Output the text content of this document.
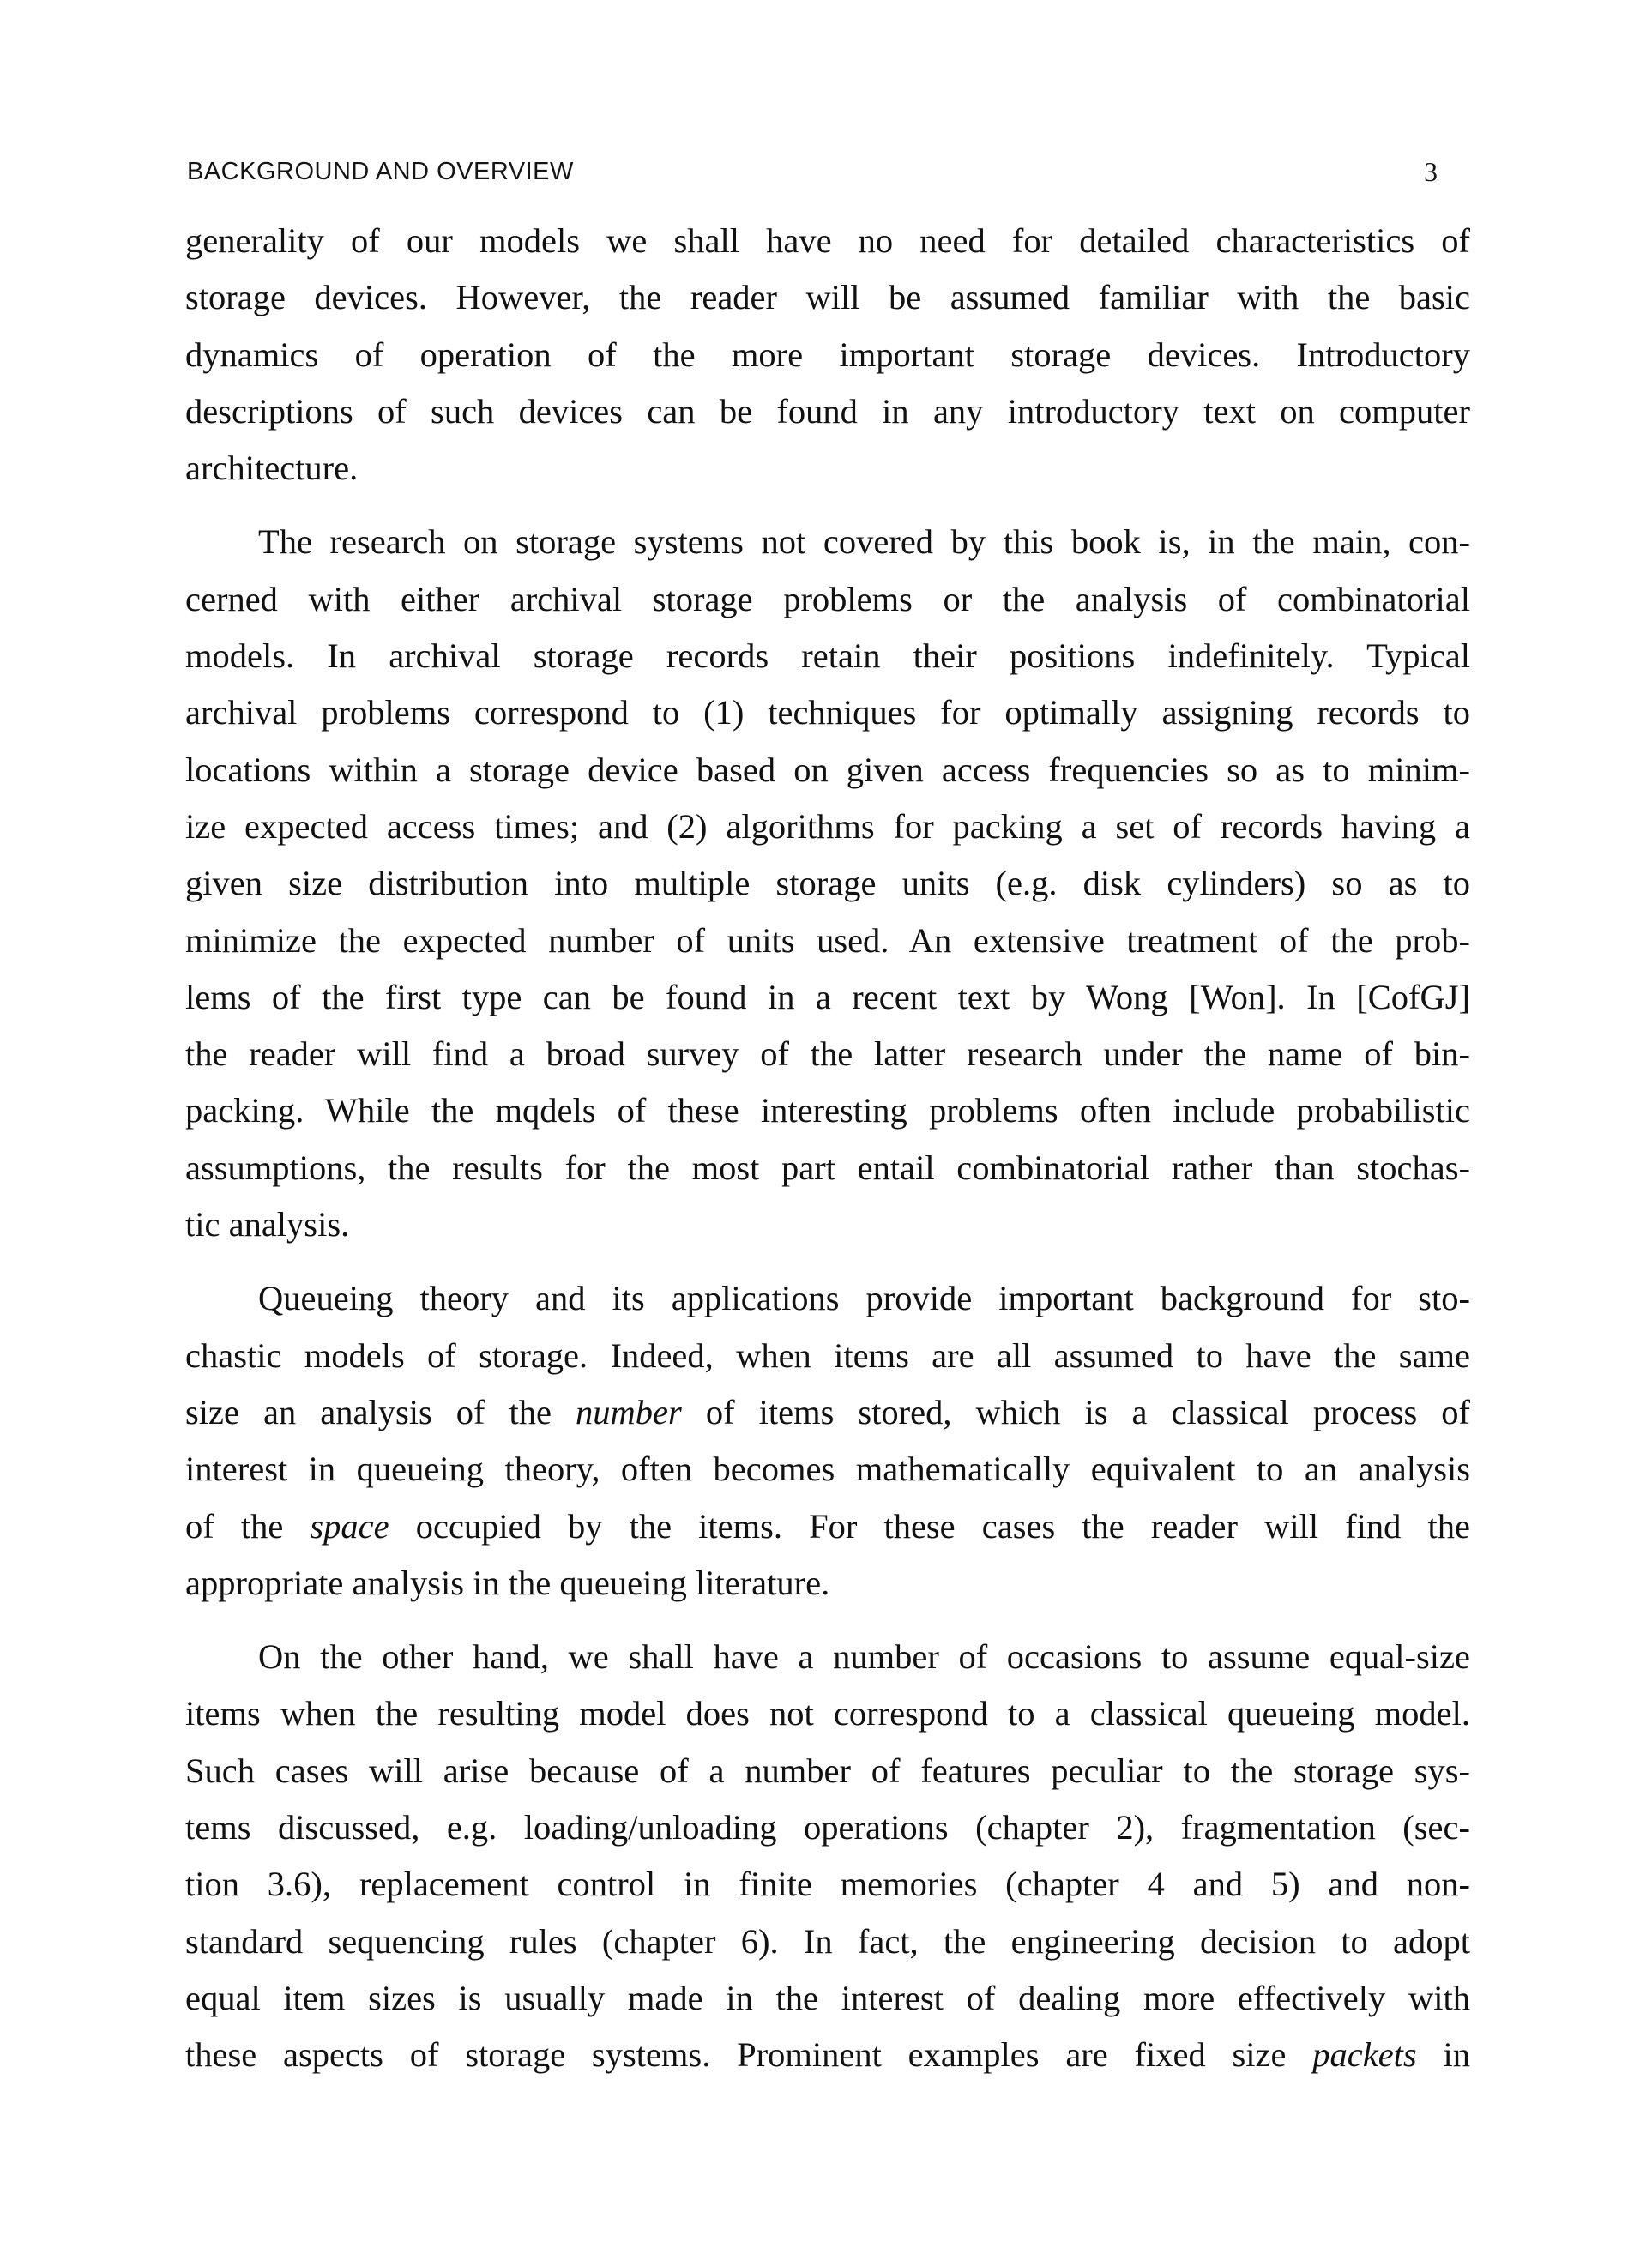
BACKGROUND AND OVERVIEW	3

generality of our models we shall have no need for detailed characteristics of
storage devices. However, the reader will be assumed familiar with the basic
dynamics of operation of the more important storage devices. Introductory
descriptions of such devices can be found in any introductory text on computer
architecture.

The research on storage systems not covered by this book is, in the main, con-
cerned with either archival storage problems or the analysis of combinatorial
models. In archival storage records retain their positions indefinitely. Typical
archival problems correspond to (1) techniques for optimally assigning records to
locations within a storage device based on given access frequencies so as to minim-
ize expected access times; and (2) algorithms for packing a set of records having a
given size distribution into multiple storage units (e.g. disk cylinders) so as to
minimize the expected number of units used. An extensive treatment of the prob-
lems of the first type can be found in a recent text by Wong [Won]. In [CofGJ]
the reader will find a broad survey of the latter research under the name of bin-
packing. While the mqdels of these interesting problems often include probabilistic
assumptions, the results for the most part entail combinatorial rather than stochas-
tic analysis.

Queueing theory and its applications provide important background for sto-
chastic models of storage. Indeed, when items are all assumed to have the same
size an analysis of the number of items stored, which is a classical process of
interest in queueing theory, often becomes mathematically equivalent to an analysis
of the space occupied by the items. For these cases the reader will find the
appropriate analysis in the queueing literature.

On the other hand, we shall have a number of occasions to assume equal-size
items when the resulting model does not correspond to a classical queueing model.
Such cases will arise because of a number of features peculiar to the storage sys-
tems discussed, e.g. loading/unloading operations (chapter 2), fragmentation (sec-
tion 3.6), replacement control in finite memories (chapter 4 and 5) and non-
standard sequencing rules (chapter 6). In fact, the engineering decision to adopt
equal item sizes is usually made in the interest of dealing more effectively with
these aspects of storage systems. Prominent examples are fixed size packets in
